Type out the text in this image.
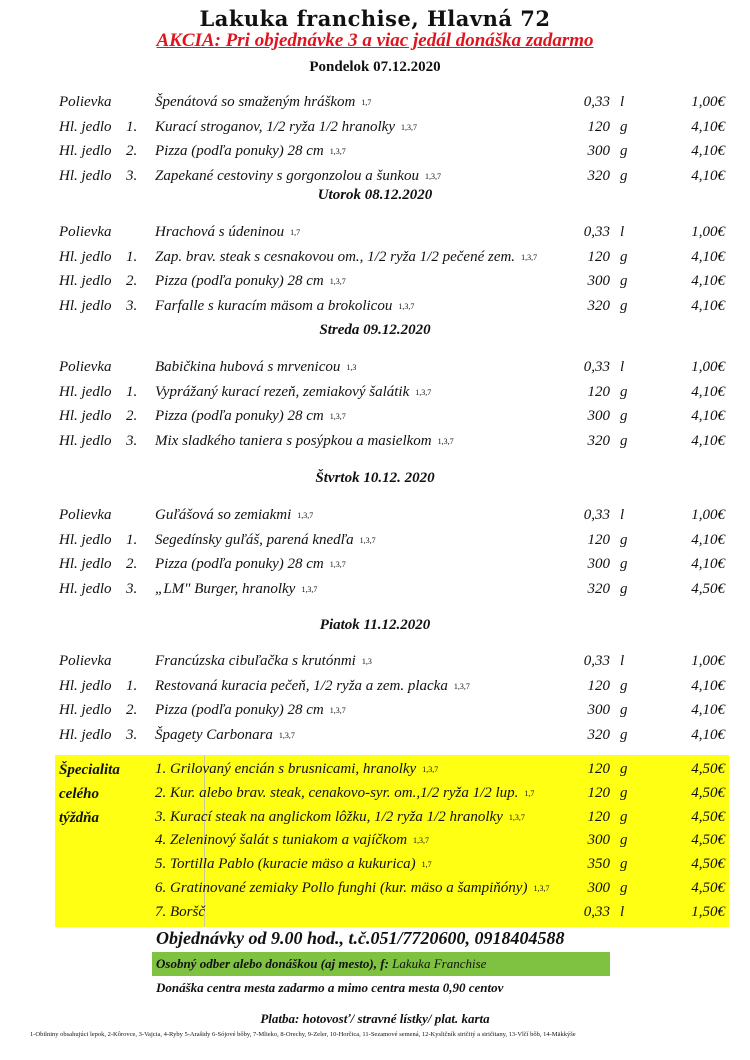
Lakuka franchise, Hlavná 72
AKCIA: Pri objednávke 3 a viac jedál donáška zadarmo
Pondelok 07.12.2020
Polievka	Špenátová so smaženým hráškom $^{1,7}$	0,33 l	1,00€
Hl. jedlo 1. Kurací stroganov, 1/2 ryža 1/2 hranolky $^{1,3,7}$	120 g	4,10€
Hl. jedlo 2. Pizza (podľa ponuky) 28 cm $^{1,3,7}$	300 g	4,10€
Hl. jedlo 3. Zapekané cestoviny s gorgonzolou a šunkou $^{1,3,7}$	320 g	4,10€
Utorok 08.12.2020
Polievka	Hrachová s údeninou $^{1,7}$	0,33 l	1,00€
Hl. jedlo 1. Zap. brav. steak s cesnakovou om., 1/2 ryža 1/2 pečené zem. $^{1,3,7}$	120 g	4,10€
Hl. jedlo 2. Pizza (podľa ponuky) 28 cm $^{1,3,7}$	300 g	4,10€
Hl. jedlo 3. Farfalle s kuracím mäsom a brokolicou $^{1,3,7}$	320 g	4,10€
Streda 09.12.2020
Polievka	Babičkina hubová s mrvenicou $^{1,3}$	0,33 l	1,00€
Hl. jedlo 1. Vyprážaný kurací rezeň, zemiakový šalátik $^{1,3,7}$	120 g	4,10€
Hl. jedlo 2. Pizza (podľa ponuky) 28 cm $^{1,3,7}$	300 g	4,10€
Hl. jedlo 3. Mix sladkého taniera s posýpkou a masielkom $^{1,3,7}$	320 g	4,10€
Štvrtok 10.12. 2020
Polievka	Guľášová so zemiakmi $^{1,3,7}$	0,33 l	1,00€
Hl. jedlo 1. Segedínsky guľáš, parená knedľa $^{1,3,7}$	120 g	4,10€
Hl. jedlo 2. Pizza (podľa ponuky) 28 cm $^{1,3,7}$	300 g	4,10€
Hl. jedlo 3. „LM" Burger, hranolky $^{1,3,7}$	320 g	4,50€
Piatok 11.12.2020
Polievka	Francúzska cibuľačka s krutónmi $^{1,3}$	0,33 l	1,00€
Hl. jedlo 1. Restovaná kuracia pečeň, 1/2 ryža a zem. placka $^{1,3,7}$	120 g	4,10€
Hl. jedlo 2. Pizza (podľa ponuky) 28 cm $^{1,3,7}$	300 g	4,10€
Hl. jedlo 3. Špagety Carbonara $^{1,3,7}$	320 g	4,10€
Špecialita
celého
týždňa
1. Grilovaný encián s brusnicami, hranolky $^{1,3,7}$	120 g	4,50€
2. Kur. alebo brav. steak, cenakovo-syr. om.,1/2 ryža 1/2 lup. $^{1,7}$	120 g	4,50€
3. Kurací steak na anglickom lôžku, 1/2 ryža 1/2 hranolky $^{1,3,7}$	120 g	4,50€
4. Zeleninový šalát s tuniakom a vajíčkom $^{1,3,7}$	300 g	4,50€
5. Tortilla Pablo (kuracie mäso a kukurica) $^{1,7}$	350 g	4,50€
6. Gratinované zemiaky Pollo funghi (kur. mäso a šampiňóny) $^{1,3,7}$	300 g	4,50€
7. Boršč	0,33 l	1,50€
Objednávky od 9.00 hod., t.č.051/7720600, 0918404588
Osobný odber alebo donáškou (aj mesto), f: Lakuka Franchise
Donáška centra mesta zadarmo a mimo centra mesta 0,90 centov
Platba: hotovosť/ stravné lístky/ plat. karta
1-Obilniny obsahujúci lepok, 2-Kôrovce, 3-Vajcia, 4-Ryby 5-Arašidy 6-Sójové bôby, 7-Mlieko, 8-Orechy, 9-Zeler, 10-Horčica, 11-Sezamové semená, 12-Kysličník siričitý a siričitany, 13-Vlčí bôb, 14-Mäkkýše
